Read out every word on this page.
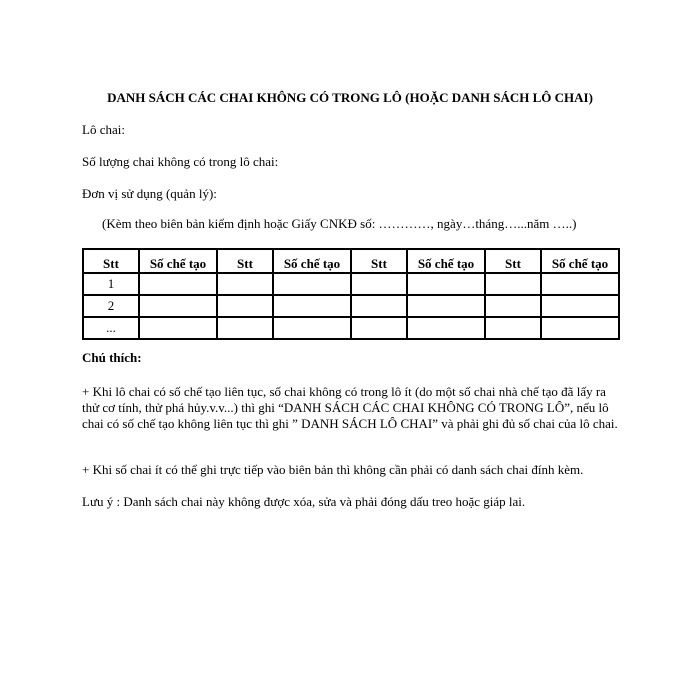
DANH SÁCH CÁC CHAI KHÔNG CÓ TRONG LÔ (HOẶC DANH SÁCH LÔ CHAI)
Lô chai:
Số lượng chai không có trong lô chai:
Đơn vị sử dụng (quản lý):
(Kèm theo biên bản kiểm định hoặc Giấy CNKĐ số: …………, ngày…tháng…...năm …..)
Stt	Số chế tạo	Stt	Số chế tạo	Stt	Số chế tạo	Stt	Số chế tạo
1							
2							
...							
Chú thích:
+ Khi lô chai có số chế tạo liên tục, số chai không có trong lô ít (do một số chai nhà chế tạo đã lấy ra thử cơ tính, thử phá hủy.v.v...) thì ghi “DANH SÁCH CÁC CHAI KHÔNG CÓ TRONG LÔ”, nếu lô chai có số chế tạo không liên tục thì ghi ” DANH SÁCH LÔ CHAI” và phải ghi đủ số chai của lô chai.
+ Khi số chai ít có thể ghi trực tiếp vào biên bản thì không cần phải có danh sách chai đính kèm.
Lưu ý : Danh sách chai này không được xóa, sửa và phải đóng dấu treo hoặc giáp lai.
